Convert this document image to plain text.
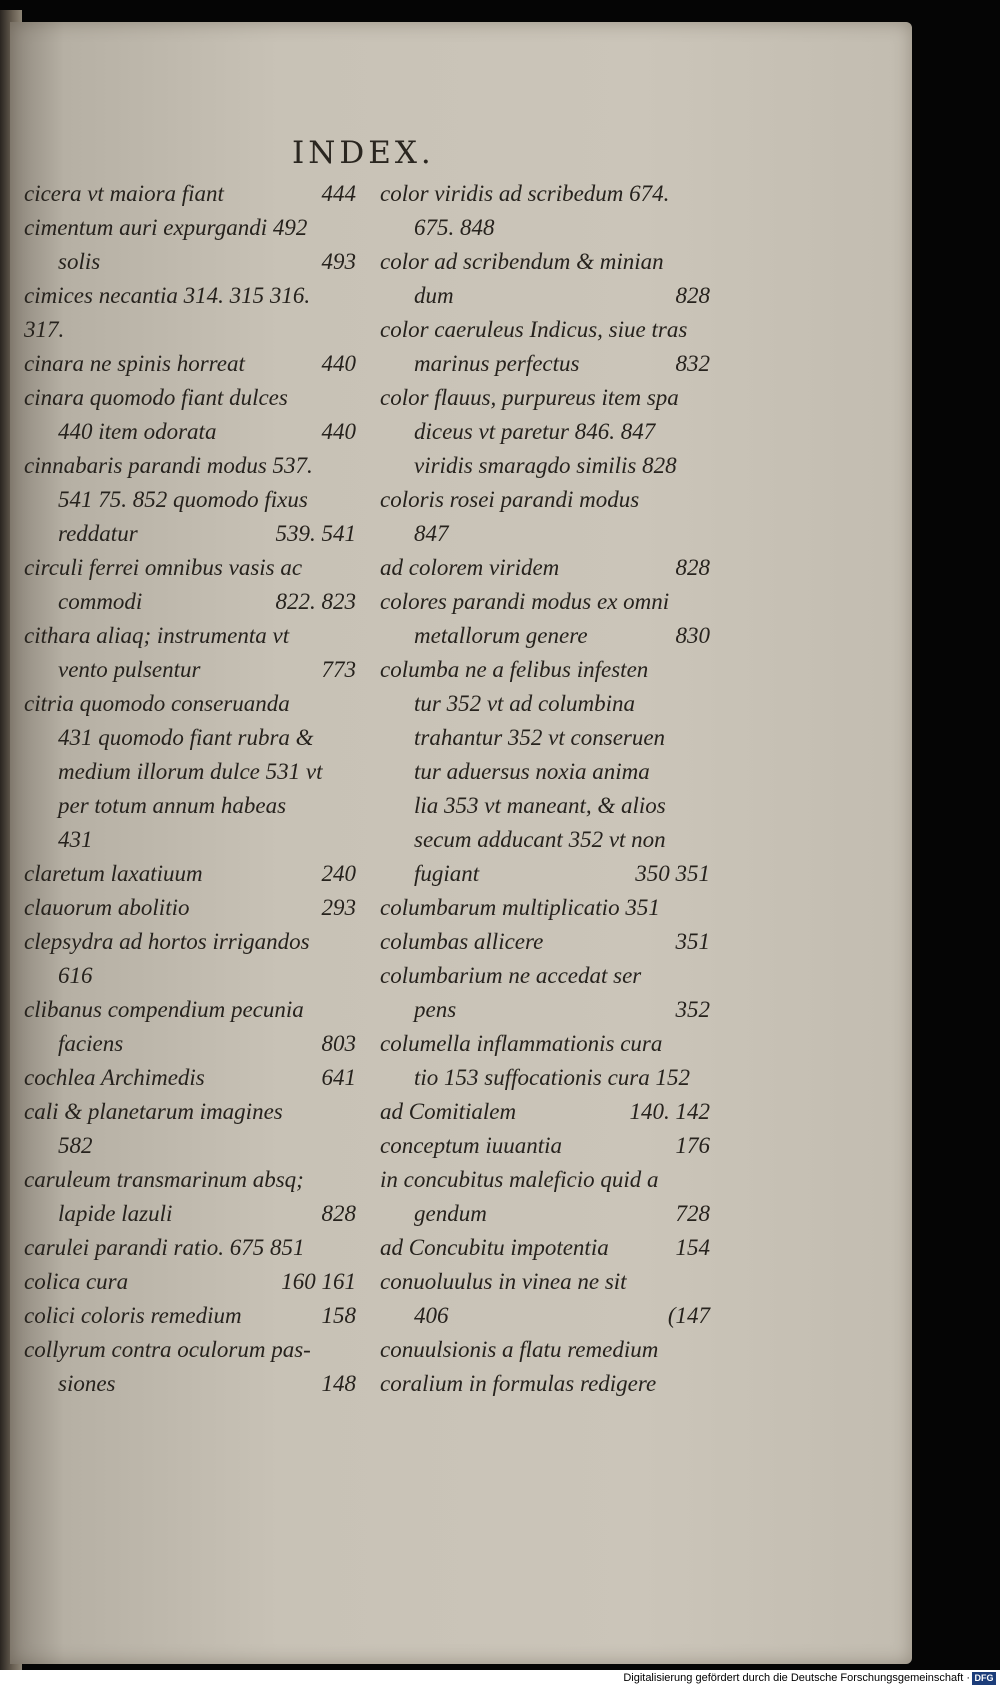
INDEX.
cicera vt maiora fiant	444
cimentum auri expurgandi 492
solis	493
cimices necantia 314. 315 316.
317.
cinara ne spinis horreat	440
cinara quomodo fiant dulces
440 item odorata	440
cinnabaris parandi modus 537.
541 75. 852 quomodo fixus
reddatur	539. 541
circuli ferrei omnibus vasis ac
commodi	822. 823
cithara aliaq; instrumenta vt
vento pulsentur	773
citria quomodo conseruanda
431 quomodo fiant rubra &
medium illorum dulce 531 vt
per totum annum habeas
431
claretum laxatiuum	240
clauorum abolitio	293
clepsydra ad hortos irrigandos
616
clibanus compendium pecunia
faciens	803
cochlea Archimedis	641
cali & planetarum imagines
582
caruleum transmarinum absq;
lapide lazuli	828
carulei parandi ratio. 675 851
colica cura	160 161
colici coloris remedium	158
collyrum contra oculorum pas-
siones	148
color viridis ad scribedum 674.
675. 848
color ad scribendum & minian
dum	828
color caeruleus Indicus, siue tras
marinus perfectus	832
color flauus, purpureus item spa
diceus vt paretur 846. 847
viridis smaragdo similis 828
coloris rosei parandi modus
847
ad colorem viridem	828
colores parandi modus ex omni
metallorum genere	830
columba ne a felibus infesten
tur 352 vt ad columbina
trahantur 352 vt conseruen
tur aduersus noxia anima
lia 353 vt maneant, & alios
secum adducant 352 vt non
fugiant	350 351
columbarum multiplicatio 351
columbas allicere	351
columbarium ne accedat ser
pens	352
columella inflammationis cura
tio 153 suffocationis cura 152
ad Comitialem	140. 142
conceptum iuuantia	176
in concubitus maleficio quid a
gendum	728
ad Concubitu impotentia	154
conuoluulus in vinea ne sit
406	(147
conuulsionis a flatu remedium
coralium in formulas redigere
Digitalisierung gefördert durch die Deutsche Forschungsgemeinschaft · DFG
